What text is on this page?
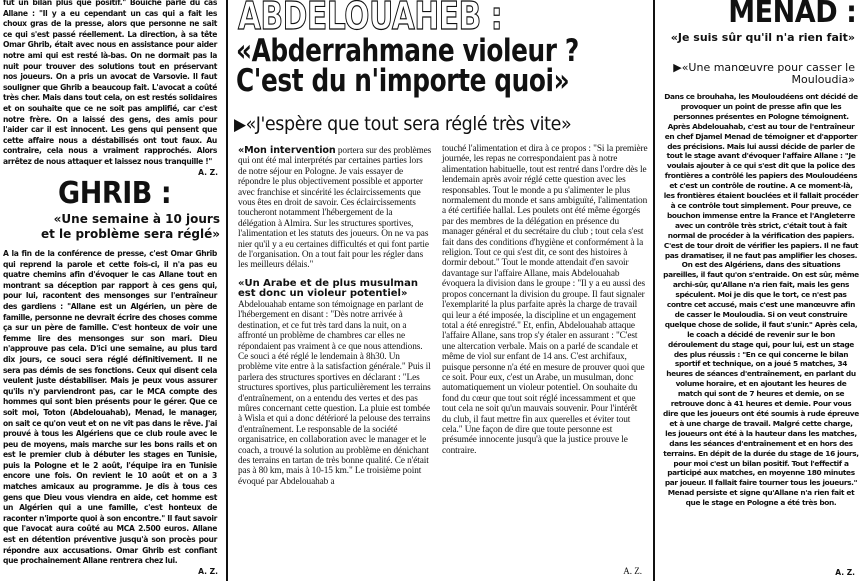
fut un bilan plus que positif." Bouiche parle du cas Allane : "Il y a eu cependant un cas qui a fait les choux gras de la presse, alors que personne ne sait ce qui s'est passé réellement. La direction, à sa tête Omar Ghrib, était avec nous en assistance pour aider notre ami qui est resté là-bas. On ne dormait pas la nuit pour trouver des solutions tout en préservant nos joueurs. On a pris un avocat de Varsovie. Il faut souligner que Ghrib a beaucoup fait. L'avocat a coûté très cher. Mais dans tout cela, on est restés solidaires et on souhaite que ce ne soit pas amplifié, car c'est notre frère. On a laissé des gens, des amis pour l'aider car il est innocent. Les gens qui pensent que cette affaire nous a déstabilisés ont tout faux. Au contraire, cela nous a vraiment rapprochés. Alors arrêtez de nous attaquer et laissez nous tranquille !"

A. Z.
GHRIB :
«Une semaine à 10 jours et le problème sera réglé»

A la fin de la conférence de presse, c'est Omar Ghrib qui reprend la parole et cette fois-ci, il n'a pas eu quatre chemins afin d'évoquer le cas Allane tout en montrant sa déception par rapport à ces gens qui, pour lui, racontent des mensonges sur l'entraîneur des gardiens : "Allane est un Algérien, un père de famille, personne ne devrait écrire des choses comme ça sur un père de famille. C'est honteux de voir une femme lire des mensonges sur son mari. Dieu n'approuve pas cela. D'ici une semaine, au plus tard dix jours, ce souci sera réglé définitivement. Il ne sera pas démis de ses fonctions. Ceux qui disent cela veulent juste déstabiliser. Mais je peux vous assurer qu'ils n'y parviendront pas, car le MCA compte des hommes qui sont bien présents pour le gérer. Que ce soit moi, Toton (Abdelouahab), Menad, le manager, on sait ce qu'on veut et on ne vit pas dans le rêve. J'ai prouvé à tous les Algériens que ce club roule avec le peu de moyens, mais marche sur les bons rails et on est le premier club à débuter les stages en Tunisie, puis la Pologne et le 2 août, l'équipe ira en Tunisie encore une fois. On revient le 10 août et on a 3 matches amicaux au programme. Je dis à tous ces gens que Dieu vous viendra en aide, cet homme est un Algérien qui a une famille, c'est honteux de raconter n'importe quoi à son encontre." Il faut savoir que l'avocat aura coûté au MCA 2.500 euros. Allane est en détention préventive jusqu'à son procès pour répondre aux accusations. Omar Ghrib est confiant que prochainement Allane rentrera chez lui.

A. Z.
ABDELOUAHEB :
«Abderrahmane violeur ?
C'est du n'importe quoi»
▶«J'espère que tout sera réglé très vite»

«Mon intervention portera sur des problèmes qui ont été mal interprétés par certaines parties lors de notre séjour en Pologne. Je vais essayer de répondre le plus objectivement possible et apporter avec franchise et sincérité les éclaircissements que vous êtes en droit de savoir. Ces éclaircissements toucheront notamment l'hébergement de la délégation à Almira. Sur les structures sportives, l'alimentation et les statuts des joueurs. On ne va pas nier qu'il y a eu certaines difficultés et qui font partie de l'organisation. On a tout fait pour les régler dans les meilleurs délais."

«Un Arabe et de plus musulman est donc un violeur potentiel»

Abdelouahab entame son témoignage en parlant de l'hébergement en disant : "Dès notre arrivée à destination, et ce fut très tard dans la nuit, on a affronté un problème de chambres car elles ne répondaient pas vraiment à ce que nous attendions. Ce souci a été réglé le lendemain à 8h30. Un problème vite entre à la satisfaction générale." Puis il parlera des structures sportives en déclarant : "Les structures sportives, plus particulièrement les terrains d'entraînement, on a entendu des vertes et des pas mûres concernant cette question. La pluie est tombée à Wisla et qui a donc détérioré la pelouse des terrains d'entraînement. Le responsable de la société organisatrice, en collaboration avec le manager et le coach, a trouvé la solution au problème en dénichant des terrains en tartan de très bonne qualité. Ce n'était pas à 80 km, mais à 10-15 km." Le troisième point évoqué par Abdelouahab a

touché l'alimentation et dira à ce propos : "Si la première journée, les repas ne correspondaient pas à notre alimentation habituelle, tout est rentré dans l'ordre dès le lendemain après avoir réglé cette question avec les responsables. Tout le monde a pu s'alimenter le plus normalement du monde et sans ambiguïté, l'alimentation a été certifiée hallal. Les poulets ont été même égorgés par des membres de la délégation en présence du manager général et du secrétaire du club ; tout cela s'est fait dans des conditions d'hygiène et conformément à la religion. Tout ce qui s'est dit, ce sont des histoires à dormir debout." Tout le monde attendait d'en savoir davantage sur l'affaire Allane, mais Abdelouahab évoquera la division dans le groupe : "Il y a eu aussi des propos concernant la division du groupe. Il faut signaler l'exemplarité la plus parfaite après la charge de travail qui leur a été imposée, la discipline et un engagement total a été enregistré." Et, enfin, Abdelouahab attaque l'affaire Allane, sans trop s'y étaler en assurant : "C'est une altercation verbale. Mais on a parlé de scandale et même de viol sur enfant de 14 ans. C'est archifaux, puisque personne n'a été en mesure de prouver quoi que ce soit. Pour eux, c'est un Arabe, un musulman, donc automatiquement un violeur potentiel. On souhaite du fond du cœur que tout soit réglé incessamment et que tout cela ne soit qu'un mauvais souvenir. Pour l'intérêt du club, il faut mettre fin aux querelles et éviter tout cela." Une façon de dire que toute personne est présumée innocente jusqu'à que la justice prouve le contraire.

A. Z.
MENAD :
«Je suis sûr qu'il n'a rien fait»
▶«Une manœuvre pour casser le Mouloudia»

Dans ce brouhaha, les Mouloudéens ont décidé de provoquer un point de presse afin que les personnes présentes en Pologne témoignent. Après Abdelouahab, c'est au tour de l'entraîneur en chef Djamel Menad de témoigner et d'apporter des précisions. Mais lui aussi décide de parler de tout le stage avant d'évoquer l'affaire Allane : "Je voulais ajouter à ce qui s'est dit que la police des frontières a contrôlé les papiers des Mouloudéens et c'est un contrôle de routine. A ce moment-là, les frontières étaient bouclées et il fallait procéder à ce contrôle tout simplement. Pour preuve, ce bouchon immense entre la France et l'Angleterre avec un contrôle très strict, c'était tout à fait normal de procéder à la vérification des papiers. C'est de tour droit de vérifier les papiers. Il ne faut pas dramatiser, il ne faut pas amplifier les choses. On est des Algériens, dans des situations pareilles, il faut qu'on s'entraide. On est sûr, même archi-sûr, qu'Allane n'a rien fait, mais les gens spéculent. Moi je dis que le tort, ce n'est pas contre cet accusé, mais c'est une manœuvre afin de casser le Mouloudia. Si on veut construire quelque chose de solide, il faut s'unir." Après cela, le coach a décidé de revenir sur le bon déroulement du stage qui, pour lui, est un stage des plus réussis : "En ce qui concerne le bilan sportif et technique, on a joué 5 matches, 34 heures de séances d'entraînement, en parlant du volume horaire, et en ajoutant les heures de match qui sont de 7 heures et demie, on se retrouve donc à 41 heures et demie. Pour vous dire que les joueurs ont été soumis à rude épreuve et à une charge de travail. Malgré cette charge, les joueurs ont été à la hauteur dans les matches, dans les séances d'entraînement et en hors des terrains. En dépit de la durée du stage de 16 jours, pour moi c'est un bilan positif. Tout l'effectif a participé aux matches, en moyenne 180 minutes par joueur. Il fallait faire tourner tous les joueurs." Menad persiste et signe qu'Allane n'a rien fait et que le stage en Pologne a été très bon.

A. Z.
